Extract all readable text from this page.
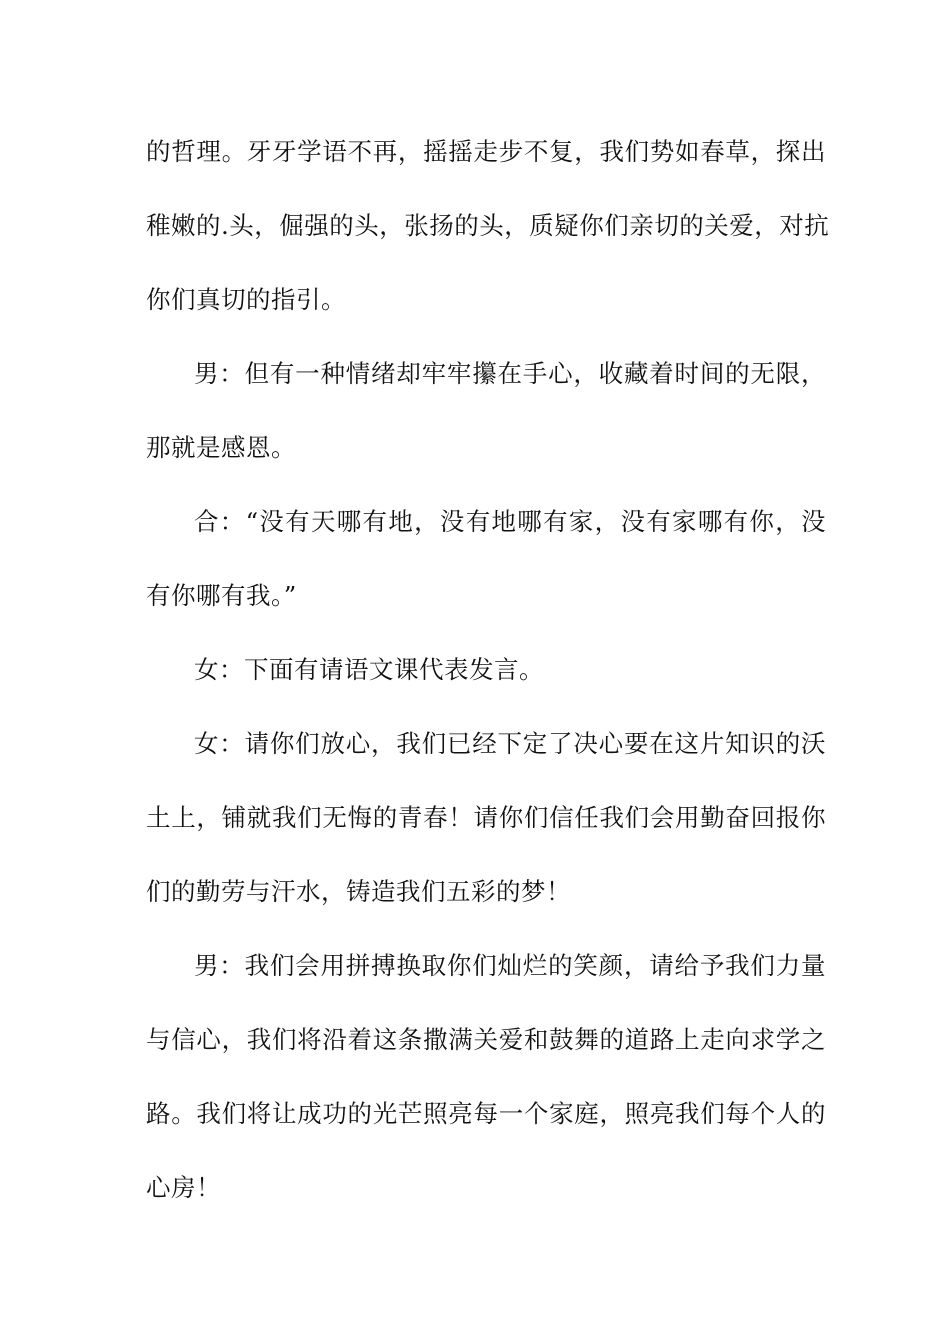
的哲理。牙牙学语不再，摇摇走步不复，我们势如春草，探出
稚嫩的.头，倔强的头，张扬的头，质疑你们亲切的关爱，对抗
你们真切的指引。
男：但有一种情绪却牢牢攥在手心，收藏着时间的无限，
那就是感恩。
合：“没有天哪有地，没有地哪有家，没有家哪有你，没
有你哪有我。”
女：下面有请语文课代表发言。
女：请你们放心，我们已经下定了决心要在这片知识的沃
土上，铺就我们无悔的青春！请你们信任我们会用勤奋回报你
们的勤劳与汗水，铸造我们五彩的梦！
男：我们会用拼搏换取你们灿烂的笑颜，请给予我们力量
与信心，我们将沿着这条撒满关爱和鼓舞的道路上走向求学之
路。我们将让成功的光芒照亮每一个家庭，照亮我们每个人的
心房！
